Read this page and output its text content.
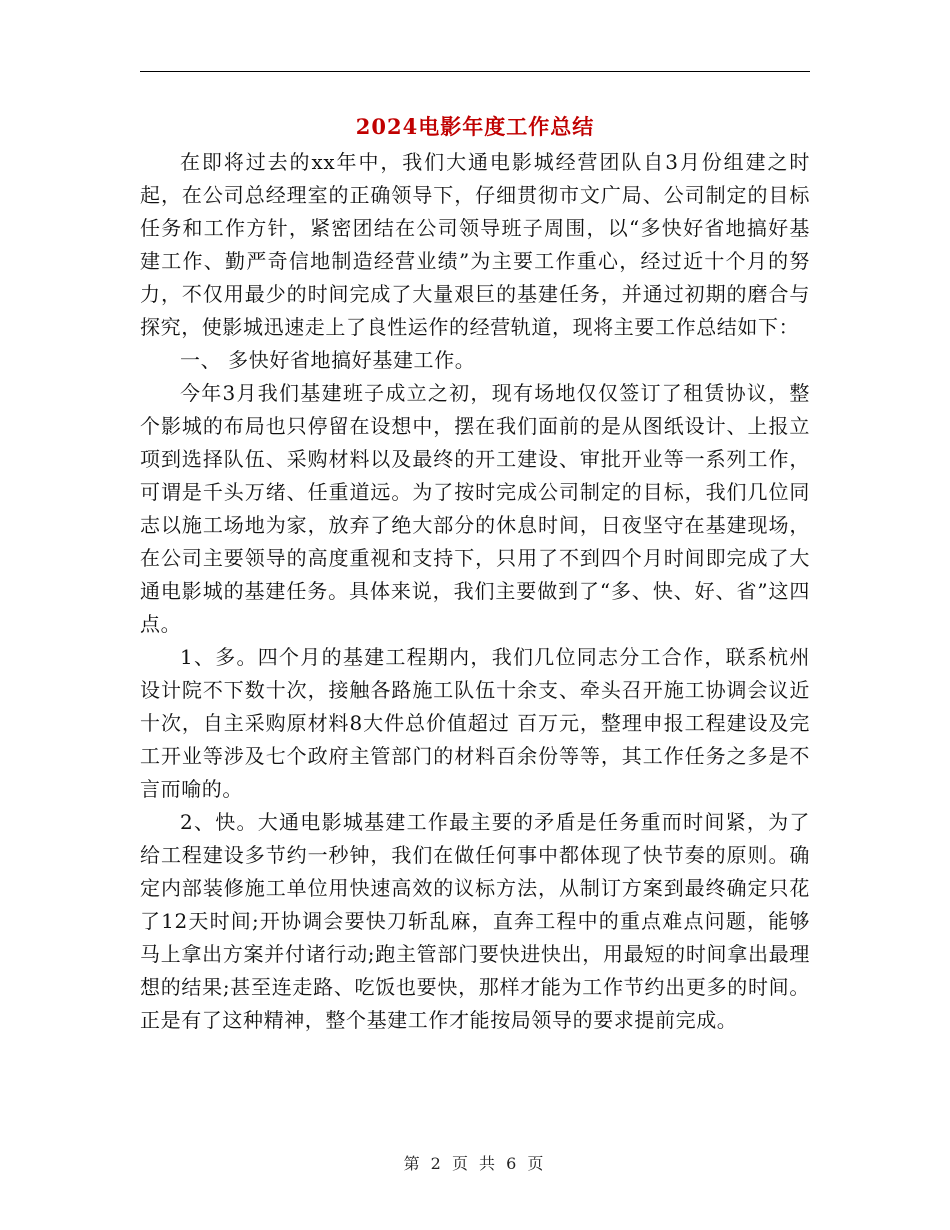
2024电影年度工作总结

在即将过去的xx年中，我们大通电影城经营团队自3月份组建之时起，在公司总经理室的正确领导下，仔细贯彻市文广局、公司制定的目标任务和工作方针，紧密团结在公司领导班子周围，以“多快好省地搞好基建工作、勤严奇信地制造经营业绩”为主要工作重心，经过近十个月的努力，不仅用最少的时间完成了大量艰巨的基建任务，并通过初期的磨合与探究，使影城迅速走上了良性运作的经营轨道，现将主要工作总结如下：

一、 多快好省地搞好基建工作。

今年3月我们基建班子成立之初，现有场地仅仅签订了租赁协议，整个影城的布局也只停留在设想中，摆在我们面前的是从图纸设计、上报立项到选择队伍、采购材料以及最终的开工建设、审批开业等一系列工作，可谓是千头万绪、任重道远。为了按时完成公司制定的目标，我们几位同志以施工场地为家，放弃了绝大部分的休息时间，日夜坚守在基建现场，在公司主要领导的高度重视和支持下，只用了不到四个月时间即完成了大通电影城的基建任务。具体来说，我们主要做到了“多、快、好、省”这四点。

1、多。四个月的基建工程期内，我们几位同志分工合作，联系杭州设计院不下数十次，接触各路施工队伍十余支、牵头召开施工协调会议近十次，自主采购原材料8大件总价值超过 百万元，整理申报工程建设及完工开业等涉及七个政府主管部门的材料百余份等等，其工作任务之多是不言而喻的。

2、快。大通电影城基建工作最主要的矛盾是任务重而时间紧，为了给工程建设多节约一秒钟，我们在做任何事中都体现了快节奏的原则。确定内部装修施工单位用快速高效的议标方法，从制订方案到最终确定只花了12天时间;开协调会要快刀斩乱麻，直奔工程中的重点难点问题，能够马上拿出方案并付诸行动;跑主管部门要快进快出，用最短的时间拿出最理想的结果;甚至连走路、吃饭也要快，那样才能为工作节约出更多的时间。正是有了这种精神，整个基建工作才能按局领导的要求提前完成。

第 2 页 共 6 页
